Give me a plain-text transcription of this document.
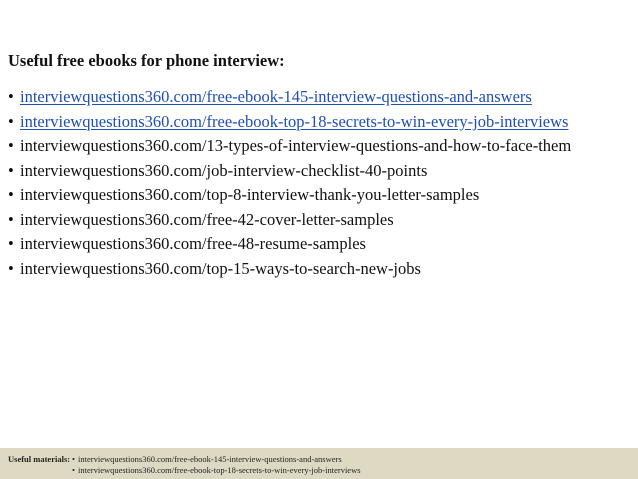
Useful free ebooks for phone interview:
• interviewquestions360.com/free-ebook-145-interview-questions-and-answers
• interviewquestions360.com/free-ebook-top-18-secrets-to-win-every-job-interviews
• interviewquestions360.com/13-types-of-interview-questions-and-how-to-face-them
• interviewquestions360.com/job-interview-checklist-40-points
• interviewquestions360.com/top-8-interview-thank-you-letter-samples
• interviewquestions360.com/free-42-cover-letter-samples
• interviewquestions360.com/free-48-resume-samples
• interviewquestions360.com/top-15-ways-to-search-new-jobs
Useful materials: • interviewquestions360.com/free-ebook-145-interview-questions-and-answers
• interviewquestions360.com/free-ebook-top-18-secrets-to-win-every-job-interviews
